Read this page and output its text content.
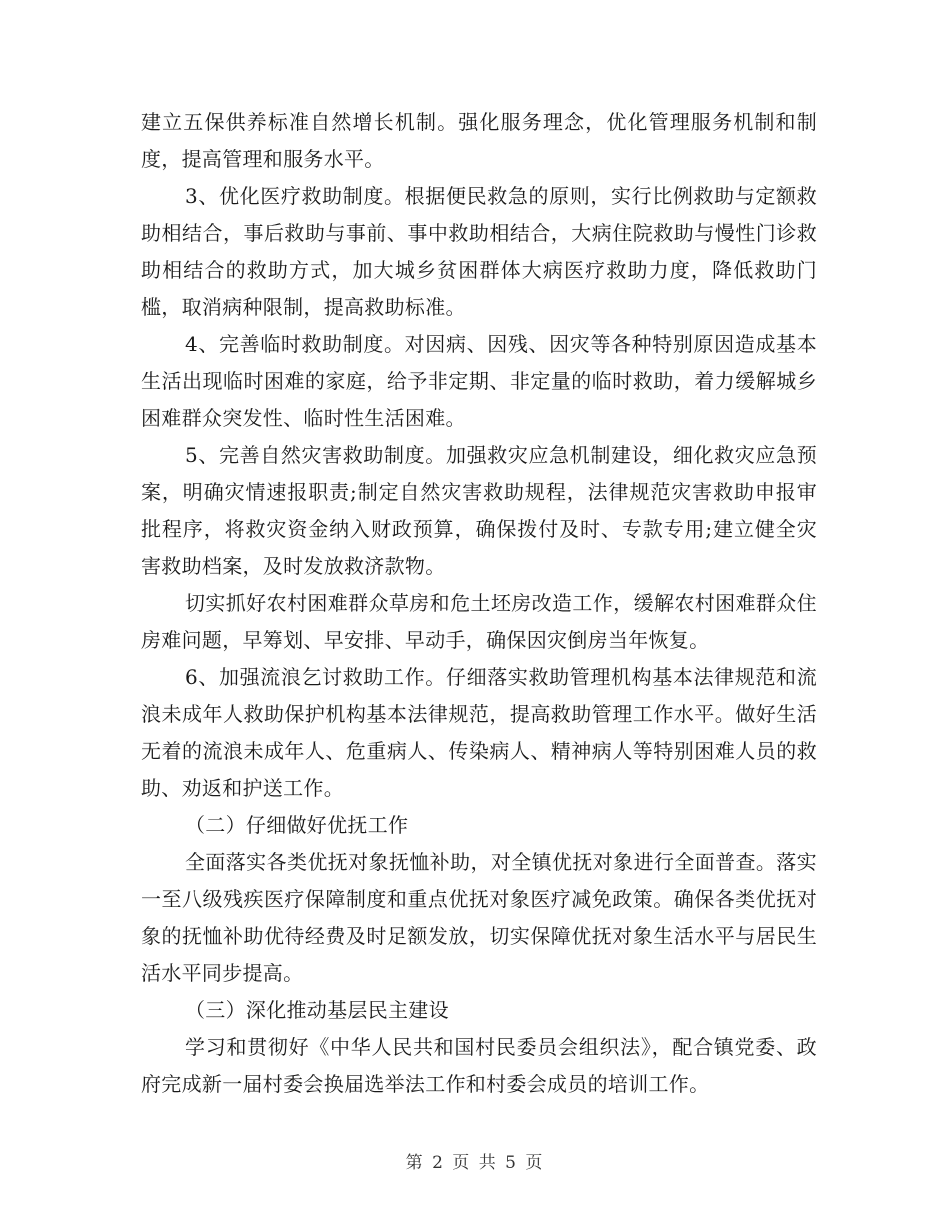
建立五保供养标准自然增长机制。强化服务理念，优化管理服务机制和制度，提高管理和服务水平。

3、优化医疗救助制度。根据便民救急的原则，实行比例救助与定额救助相结合，事后救助与事前、事中救助相结合，大病住院救助与慢性门诊救助相结合的救助方式，加大城乡贫困群体大病医疗救助力度，降低救助门槛，取消病种限制，提高救助标准。

4、完善临时救助制度。对因病、因残、因灾等各种特别原因造成基本生活出现临时困难的家庭，给予非定期、非定量的临时救助，着力缓解城乡困难群众突发性、临时性生活困难。

5、完善自然灾害救助制度。加强救灾应急机制建设，细化救灾应急预案，明确灾情速报职责;制定自然灾害救助规程，法律规范灾害救助申报审批程序，将救灾资金纳入财政预算，确保拨付及时、专款专用;建立健全灾害救助档案，及时发放救济款物。

切实抓好农村困难群众草房和危土坯房改造工作，缓解农村困难群众住房难问题，早筹划、早安排、早动手，确保因灾倒房当年恢复。

6、加强流浪乞讨救助工作。仔细落实救助管理机构基本法律规范和流浪未成年人救助保护机构基本法律规范，提高救助管理工作水平。做好生活无着的流浪未成年人、危重病人、传染病人、精神病人等特别困难人员的救助、劝返和护送工作。

（二）仔细做好优抚工作

全面落实各类优抚对象抚恤补助，对全镇优抚对象进行全面普查。落实一至八级残疾医疗保障制度和重点优抚对象医疗减免政策。确保各类优抚对象的抚恤补助优待经费及时足额发放，切实保障优抚对象生活水平与居民生活水平同步提高。

（三）深化推动基层民主建设

学习和贯彻好《中华人民共和国村民委员会组织法》，配合镇党委、政府完成新一届村委会换届选举法工作和村委会成员的培训工作。

第 2 页 共 5 页
